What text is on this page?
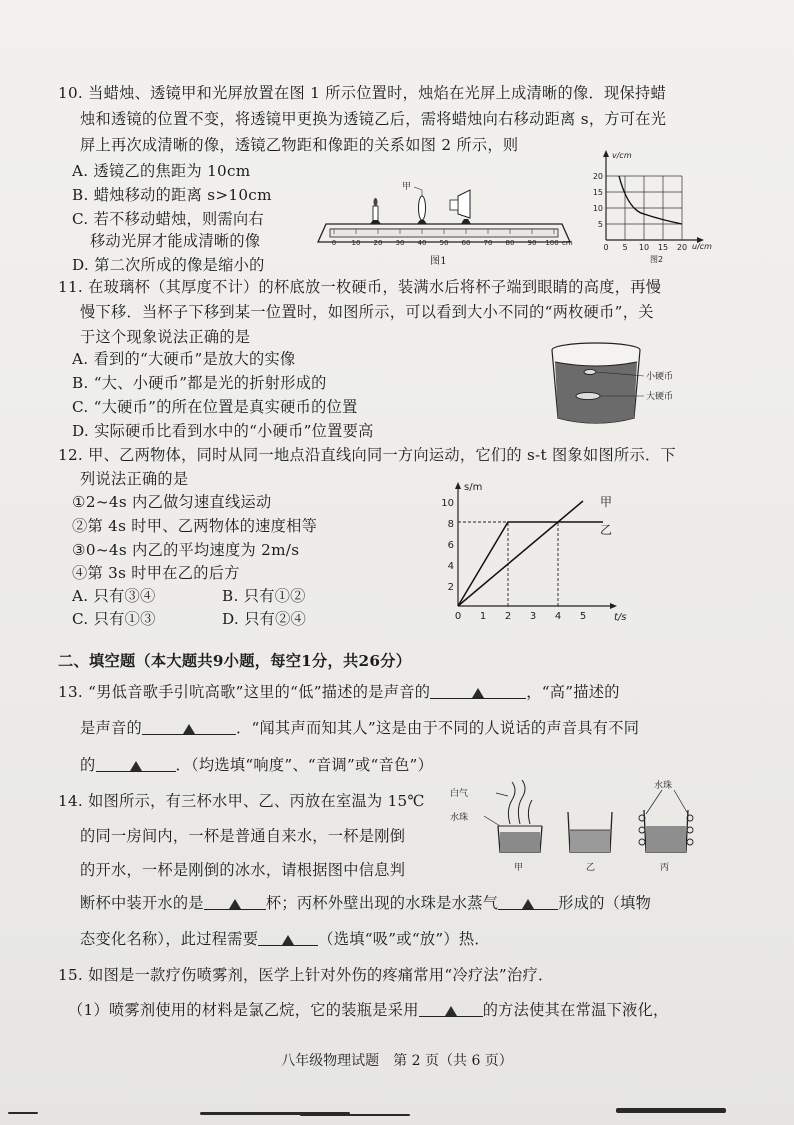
10. 当蜡烛、透镜甲和光屏放置在图 1 所示位置时，烛焰在光屏上成清晰的像．现保持蜡
烛和透镜的位置不变，将透镜甲更换为透镜乙后，需将蜡烛向右移动距离 s，方可在光
屏上再次成清晰的像，透镜乙物距和像距的关系如图 2 所示，则
A. 透镜乙的焦距为 10cm
B. 蜡烛移动的距离 s>10cm
C. 若不移动蜡烛，则需向右
移动光屏才能成清晰的像
D. 第二次所成的像是缩小的
0 10 20 30 40 50 60 70 80 90 100 cm
甲
图1
5
10
15
20
0 5 10 15 20
v/cm
u/cm
图2
11. 在玻璃杯（其厚度不计）的杯底放一枚硬币，装满水后将杯子端到眼睛的高度，再慢
慢下移．当杯子下移到某一位置时，如图所示，可以看到大小不同的“两枚硬币”，关
于这个现象说法正确的是
A. 看到的“大硬币”是放大的实像
B. “大、小硬币”都是光的折射形成的
C. “大硬币”的所在位置是真实硬币的位置
D. 实际硬币比看到水中的“小硬币”位置要高
小硬币
大硬币
12. 甲、乙两物体，同时从同一地点沿直线向同一方向运动，它们的 s-t 图象如图所示．下
列说法正确的是
①2~4s 内乙做匀速直线运动
②第 4s 时甲、乙两物体的速度相等
③0~4s 内乙的平均速度为 2m/s
④第 3s 时甲在乙的后方
A. 只有③④	B. 只有①②
C. 只有①③	D. 只有②④
s/m
t/s
2
4
6
8
10
0 1 2 3 4 5
甲
乙
二、填空题（本大题共9小题，每空1分，共26分）
13. “男低音歌手引吭高歌”这里的“低”描述的是声音的	，“高”描述的
是声音的	．“闻其声而知其人”这是由于不同的人说话的声音具有不同
的	．（均选填“响度”、“音调”或“音色”）
14. 如图所示，有三杯水甲、乙、丙放在室温为 15℃
的同一房间内，一杯是普通自来水，一杯是刚倒
的开水，一杯是刚倒的冰水，请根据图中信息判
断杯中装开水的是	杯；丙杯外壁出现的水珠是水蒸气	形成的（填物
态变化名称），此过程需要	（选填“吸”或“放”）热．
白气
水珠
甲	乙
水珠
丙
15. 如图是一款疗伤喷雾剂，医学上针对外伤的疼痛常用“冷疗法”治疗．
（1）喷雾剂使用的材料是氯乙烷，它的装瓶是采用	的方法使其在常温下液化，
八年级物理试题　第 2 页（共 6 页）
